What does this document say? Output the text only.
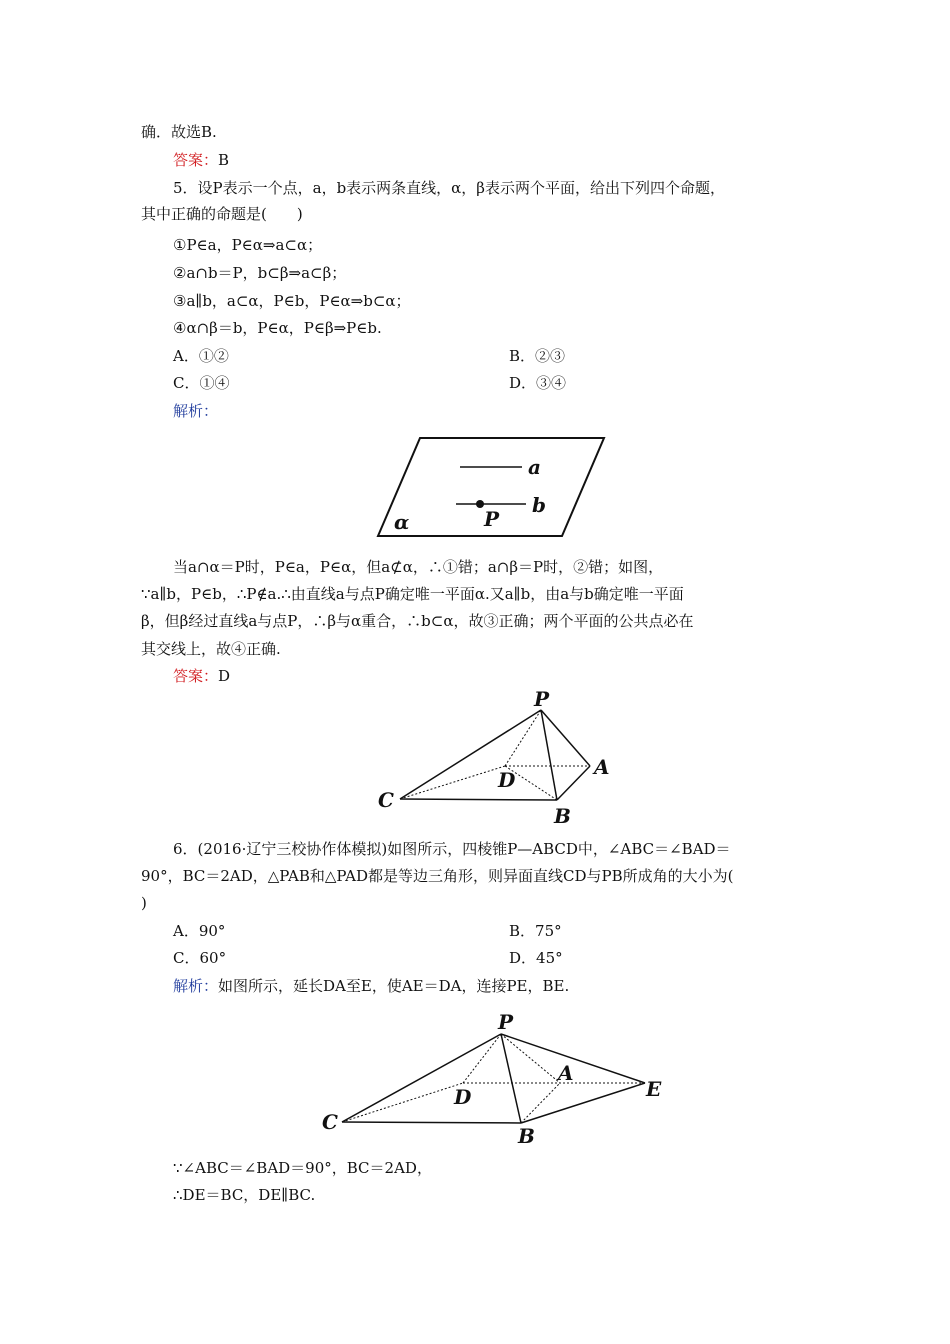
确．故选B.
答案：B
5．设P表示一个点，a，b表示两条直线，α，β表示两个平面，给出下列四个命题，
其中正确的命题是(　　)
①P∈a，P∈α⇒a⊂α；
②a∩b＝P，b⊂β⇒a⊂β；
③a∥b，a⊂α，P∈b，P∈α⇒b⊂α；
④α∩β＝b，P∈α，P∈β⇒P∈b.
A．①②	B．②③
C．①④	D．③④
解析：
a
b
P
α
当a∩α＝P时，P∈a，P∈α，但a⊄α，∴①错；a∩β＝P时，②错；如图，
∵a∥b，P∈b，∴P∉a.∴由直线a与点P确定唯一平面α.又a∥b，由a与b确定唯一平面
β，但β经过直线a与点P，∴β与α重合，∴b⊂α，故③正确；两个平面的公共点必在
其交线上，故④正确.
答案：D
P
A
B
C
D
6．(2016·辽宁三校协作体模拟)如图所示，四棱锥P—ABCD中，∠ABC＝∠BAD＝
90°，BC＝2AD，△PAB和△PAD都是等边三角形，则异面直线CD与PB所成角的大小为(
)
A．90°	B．75°
C．60°	D．45°
解析：如图所示，延长DA至E，使AE＝DA，连接PE，BE.
P
A
B
C
D	E
∵∠ABC＝∠BAD＝90°，BC＝2AD，
∴DE＝BC，DE∥BC.
